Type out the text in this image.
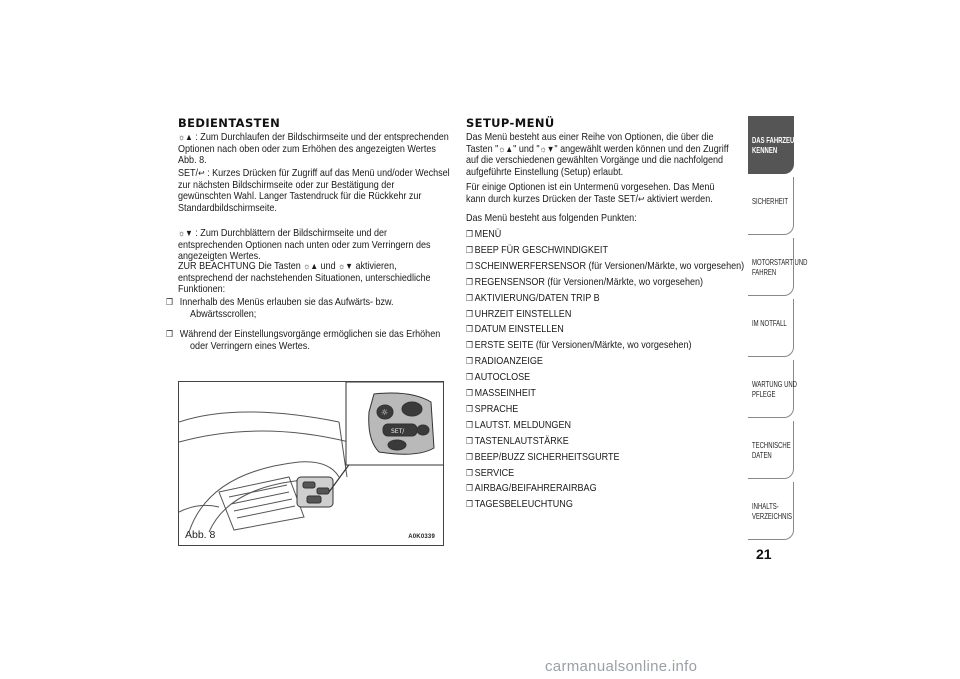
BEDIENTASTEN
☼▲ : Zum Durchlaufen der Bildschirmseite und der entsprechenden Optionen nach oben oder zum Erhöhen des angezeigten Wertes Abb. 8.
SET/↩ : Kurzes Drücken für Zugriff auf das Menü und/oder Wechsel zur nächsten Bildschirmseite oder zur Bestätigung der gewünschten Wahl. Langer Tastendruck für die Rückkehr zur Standardbildschirmseite.
☼▼ : Zum Durchblättern der Bildschirmseite und der entsprechenden Optionen nach unten oder zum Verringern des angezeigten Wertes.
ZUR BEACHTUNG Die Tasten ☼▲ und ☼▼ aktivieren, entsprechend der nachstehenden Situationen, unterschiedliche Funktionen:
❒ Innerhalb des Menüs erlauben sie das Aufwärts- bzw. Abwärtsscrollen;
❒ Während der Einstellungsvorgänge ermöglichen sie das Erhöhen oder Verringern eines Wertes.
SET/
☼
Abb. 8	A0K0339
SETUP-MENÜ
Das Menü besteht aus einer Reihe von Optionen, die über die Tasten "☼▲" und "☼▼" angewählt werden können und den Zugriff auf die verschiedenen gewählten Vorgänge und die nachfolgend aufgeführte Einstellung (Setup) erlaubt.
Für einige Optionen ist ein Untermenü vorgesehen. Das Menü kann durch kurzes Drücken der Taste SET/↩ aktiviert werden.
Das Menü besteht aus folgenden Punkten:
❒ MENÜ
❒ BEEP FÜR GESCHWINDIGKEIT
❒ SCHEINWERFERSENSOR (für Versionen/Märkte, wo vorgesehen)
❒ REGENSENSOR (für Versionen/Märkte, wo vorgesehen)
❒ AKTIVIERUNG/DATEN TRIP B
❒ UHRZEIT EINSTELLEN
❒ DATUM EINSTELLEN
❒ ERSTE SEITE (für Versionen/Märkte, wo vorgesehen)
❒ RADIOANZEIGE
❒ AUTOCLOSE
❒ MASSEINHEIT
❒ SPRACHE
❒ LAUTST. MELDUNGEN
❒ TASTENLAUTSTÄRKE
❒ BEEP/BUZZ SICHERHEITSGURTE
❒ SERVICE
❒ AIRBAG/BEIFAHRERAIRBAG
❒ TAGESBELEUCHTUNG
DAS FAHRZEUG KENNEN
SICHERHEIT
MOTORSTART UND FAHREN
IM NOTFALL
WARTUNG UND PFLEGE
TECHNISCHE DATEN
INHALTS-VERZEICHNIS
21
carmanualsonline.info
